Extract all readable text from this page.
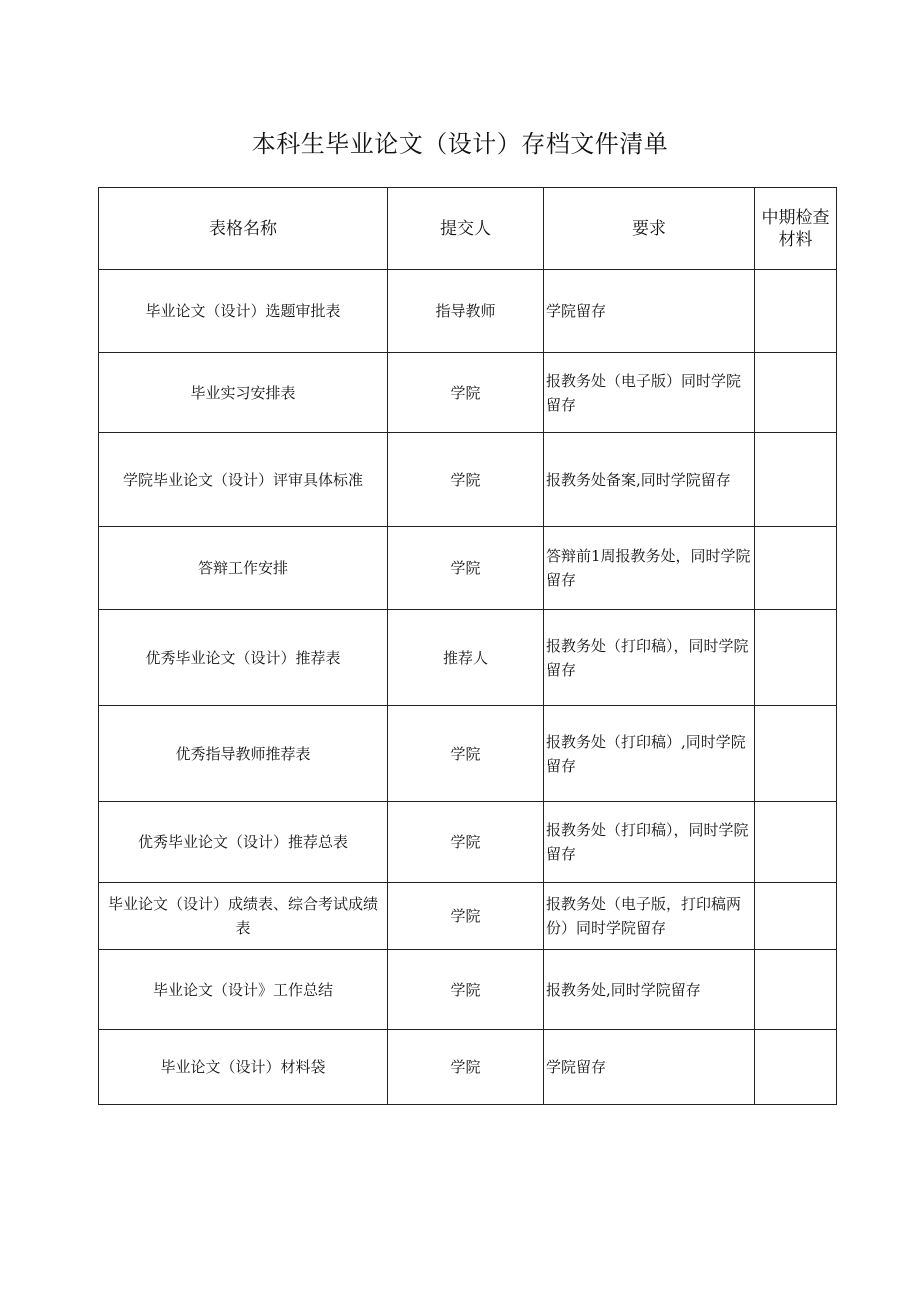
本科生毕业论文（设计）存档文件清单
表格名称	提交人	要求	中期检查材料
毕业论文（设计）选题审批表	指导教师	学院留存	
毕业实习安排表	学院	报教务处（电子版）同时学院留存	
学院毕业论文（设计）评审具体标准	学院	报教务处备案,同时学院留存	
答辩工作安排	学院	答辩前1周报教务处，同时学院留存	
优秀毕业论文（设计）推荐表	推荐人	报教务处（打印稿），同时学院留存	
优秀指导教师推荐表	学院	报教务处（打印稿）,同时学院留存	
优秀毕业论文（设计）推荐总表	学院	报教务处（打印稿），同时学院留存	
毕业论文（设计）成绩表、综合考试成绩表	学院	报教务处（电子版，打印稿两份）同时学院留存	
毕业论文（设计》工作总结	学院	报教务处,同时学院留存	
毕业论文（设计）材料袋	学院	学院留存	
